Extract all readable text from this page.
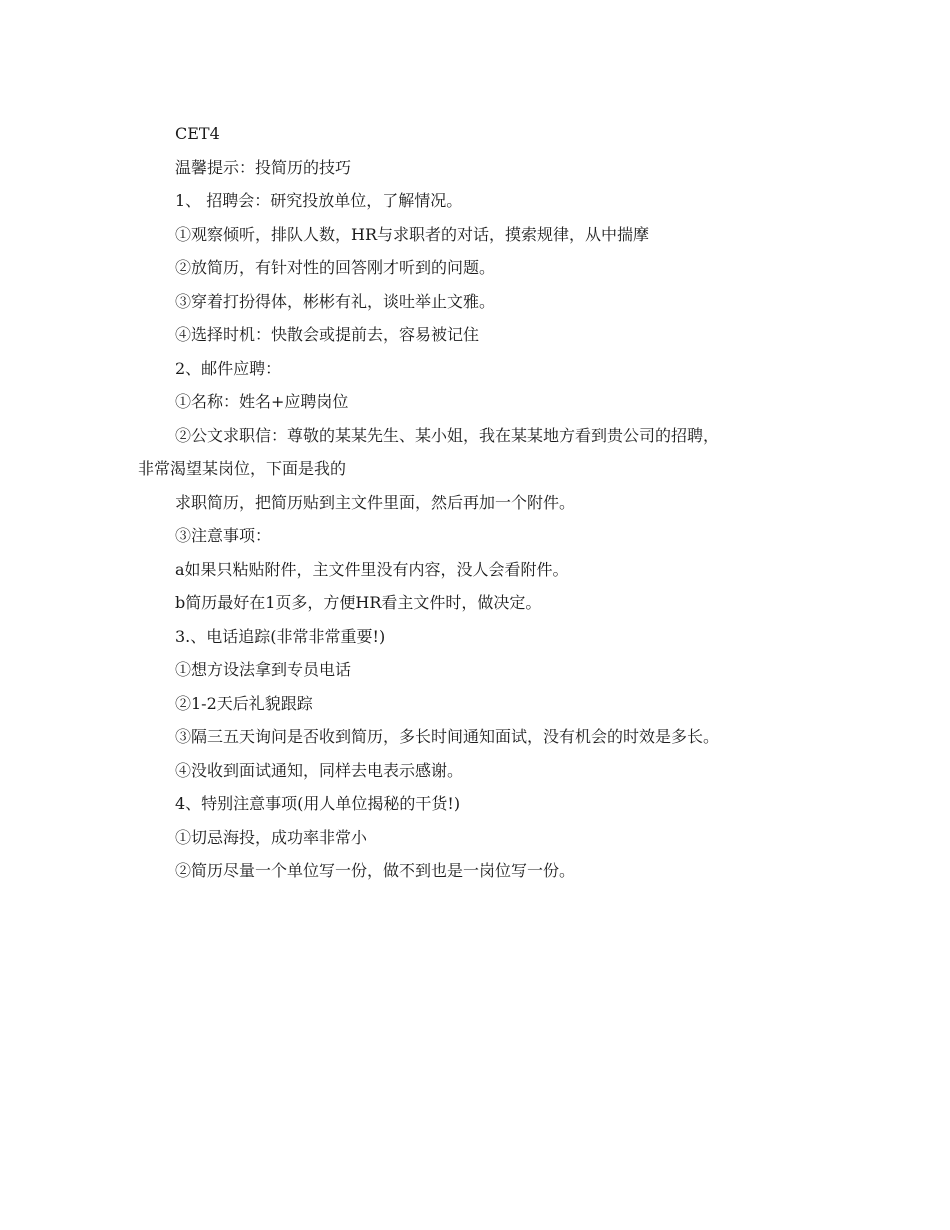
CET4
温馨提示：投简历的技巧
1、 招聘会：研究投放单位，了解情况。
①观察倾听，排队人数，HR与求职者的对话，摸索规律，从中揣摩
②放简历，有针对性的回答刚才听到的问题。
③穿着打扮得体，彬彬有礼，谈吐举止文雅。
④选择时机：快散会或提前去，容易被记住
2、邮件应聘：
①名称：姓名+应聘岗位
②公文求职信：尊敬的某某先生、某小姐，我在某某地方看到贵公司的招聘，
非常渴望某岗位，下面是我的
求职简历，把简历贴到主文件里面，然后再加一个附件。
③注意事项：
a如果只粘贴附件，主文件里没有内容，没人会看附件。
b简历最好在1页多，方便HR看主文件时，做决定。
3.、电话追踪(非常非常重要!)
①想方设法拿到专员电话
②1-2天后礼貌跟踪
③隔三五天询问是否收到简历，多长时间通知面试，没有机会的时效是多长。
④没收到面试通知，同样去电表示感谢。
4、特别注意事项(用人单位揭秘的干货!)
①切忌海投，成功率非常小
②简历尽量一个单位写一份，做不到也是一岗位写一份。
